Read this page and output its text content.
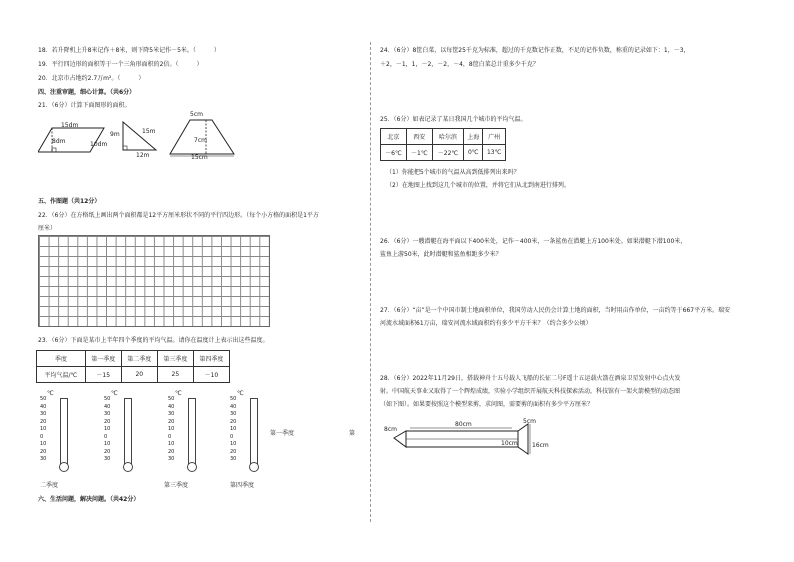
18．若升降机上升8米记作＋8米，则下降5米记作－5米。（　　　）
19．平行四边形的面积等于一个三角形面积的2倍。（　　　）
20．北京市占地约2.7万m²。（　　　）
四、注重审题，细心计算。（共6分）
21．（6分）计算下面图形的面积。
15dm
8dm	10dm
9m	15m
12m
5cm
7cm
15cm
五、作图题（共12分）
22．（6分）在方格纸上画出两个面积都是12平方厘米形状不同的平行四边形。（每个小方格的面积是1平方
厘米）
23．（6分）下面是某市上半年四个季度的平均气温。请你在温度计上表示出这些温度。
季度	第一季度	第二季度	第三季度	第四季度
平均气温/℃	－15	20	25	－10
℃
50
40
30
20
10
0
10
20
30
℃
50
40
30
20
10
0
10
20
30
℃
50
40
30
20
10
0
10
20
30
℃
50
40
30
20
10
0
10
20
30
二季度	第三季度	第四季度
第一季度	第
六、生活问题，解决问题。（共42分）
24．（6分）8筐白菜，以每筐25千克为标准，超过的千克数记作正数，不足的记作负数，称重的记录如下：1，－3，
＋2，－1，1，－2，－2，－4，8筐白菜总计重多少千克？
25．（6分）如表记录了某日我国几个城市的平均气温。
北京	西安	哈尔滨	上海	广州
－6℃	－1℃	－22℃	0℃	13℃
（1）你能把5个城市的气温从高到低排列出来吗？
（2）在地图上找到这几个城市的位置，并将它们从北到南进行排列。
26．（6分）一艘潜艇在海平面以下400米处，记作－400米，一条鲨鱼在潜艇上方100米处。如果潜艇下潜100米，
鲨鱼上游50米，此时潜艇和鲨鱼相距多少米？
27．（6分）“亩”是一个中国市制土地面积单位，我国劳动人民仍会计算土地的面积，当时用亩作单位，一亩约等于667平方米。瑞安
河流水域面积61万亩，瑞安河流水域面积约有多少平方千米？（约合多少公顷）
28．（6分）2022年11月29日，搭载神舟十五号载人飞船的长征二号F遥十五运载火箭在酒泉卫星发射中心点火发
射。中国航天事业又取得了一个辉煌成绩，实验小学组织开展航天科技探索活动，科技馆有一架火箭模型的动态图
（如下图）。如果要按照这个模型来剪，求问图，需要剪的面积有多少平方厘米？
8cm
80cm	5cm
10cm 16cm
